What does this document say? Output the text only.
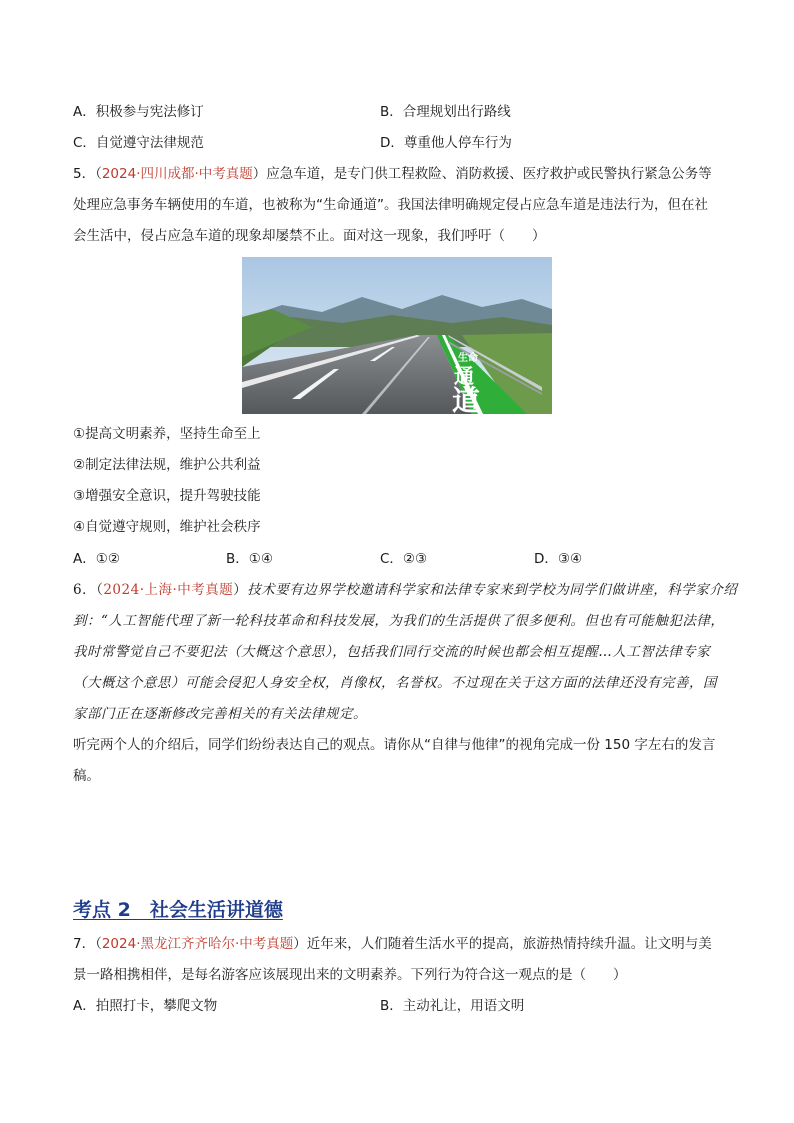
A．积极参与宪法修订	B．合理规划出行路线
C．自觉遵守法律规范	D．尊重他人停车行为
5．（2024·四川成都·中考真题）应急车道，是专门供工程救险、消防救援、医疗救护或民警执行紧急公务等
处理应急事务车辆使用的车道，也被称为“生命通道”。我国法律明确规定侵占应急车道是违法行为，但在社
会生活中，侵占应急车道的现象却屡禁不止。面对这一现象，我们呼吁（　　）
生命
通
道
①提高文明素养，坚持生命至上
②制定法律法规，维护公共利益
③增强安全意识，提升驾驶技能
④自觉遵守规则，维护社会秩序
A．①②	B．①④	C．②③	D．③④
6．（2024·上海·中考真题）技术要有边界学校邀请科学家和法律专家来到学校为同学们做讲座，科学家介绍
到：“人工智能代理了新一轮科技革命和科技发展，为我们的生活提供了很多便利。但也有可能触犯法律，
我时常警觉自己不要犯法（大概这个意思），包括我们同行交流的时候也都会相互提醒…人工智法律专家
（大概这个意思）可能会侵犯人身安全权，肖像权，名誉权。不过现在关于这方面的法律还没有完善，国
家部门正在逐渐修改完善相关的有关法律规定。
听完两个人的介绍后，同学们纷纷表达自己的观点。请你从“自律与他律”的视角完成一份 150 字左右的发言
稿。
考点 2　社会生活讲道德
7．（2024·黑龙江齐齐哈尔·中考真题）近年来，人们随着生活水平的提高，旅游热情持续升温。让文明与美
景一路相携相伴，是每名游客应该展现出来的文明素养。下列行为符合这一观点的是（　　）
A．拍照打卡，攀爬文物	B．主动礼让，用语文明
